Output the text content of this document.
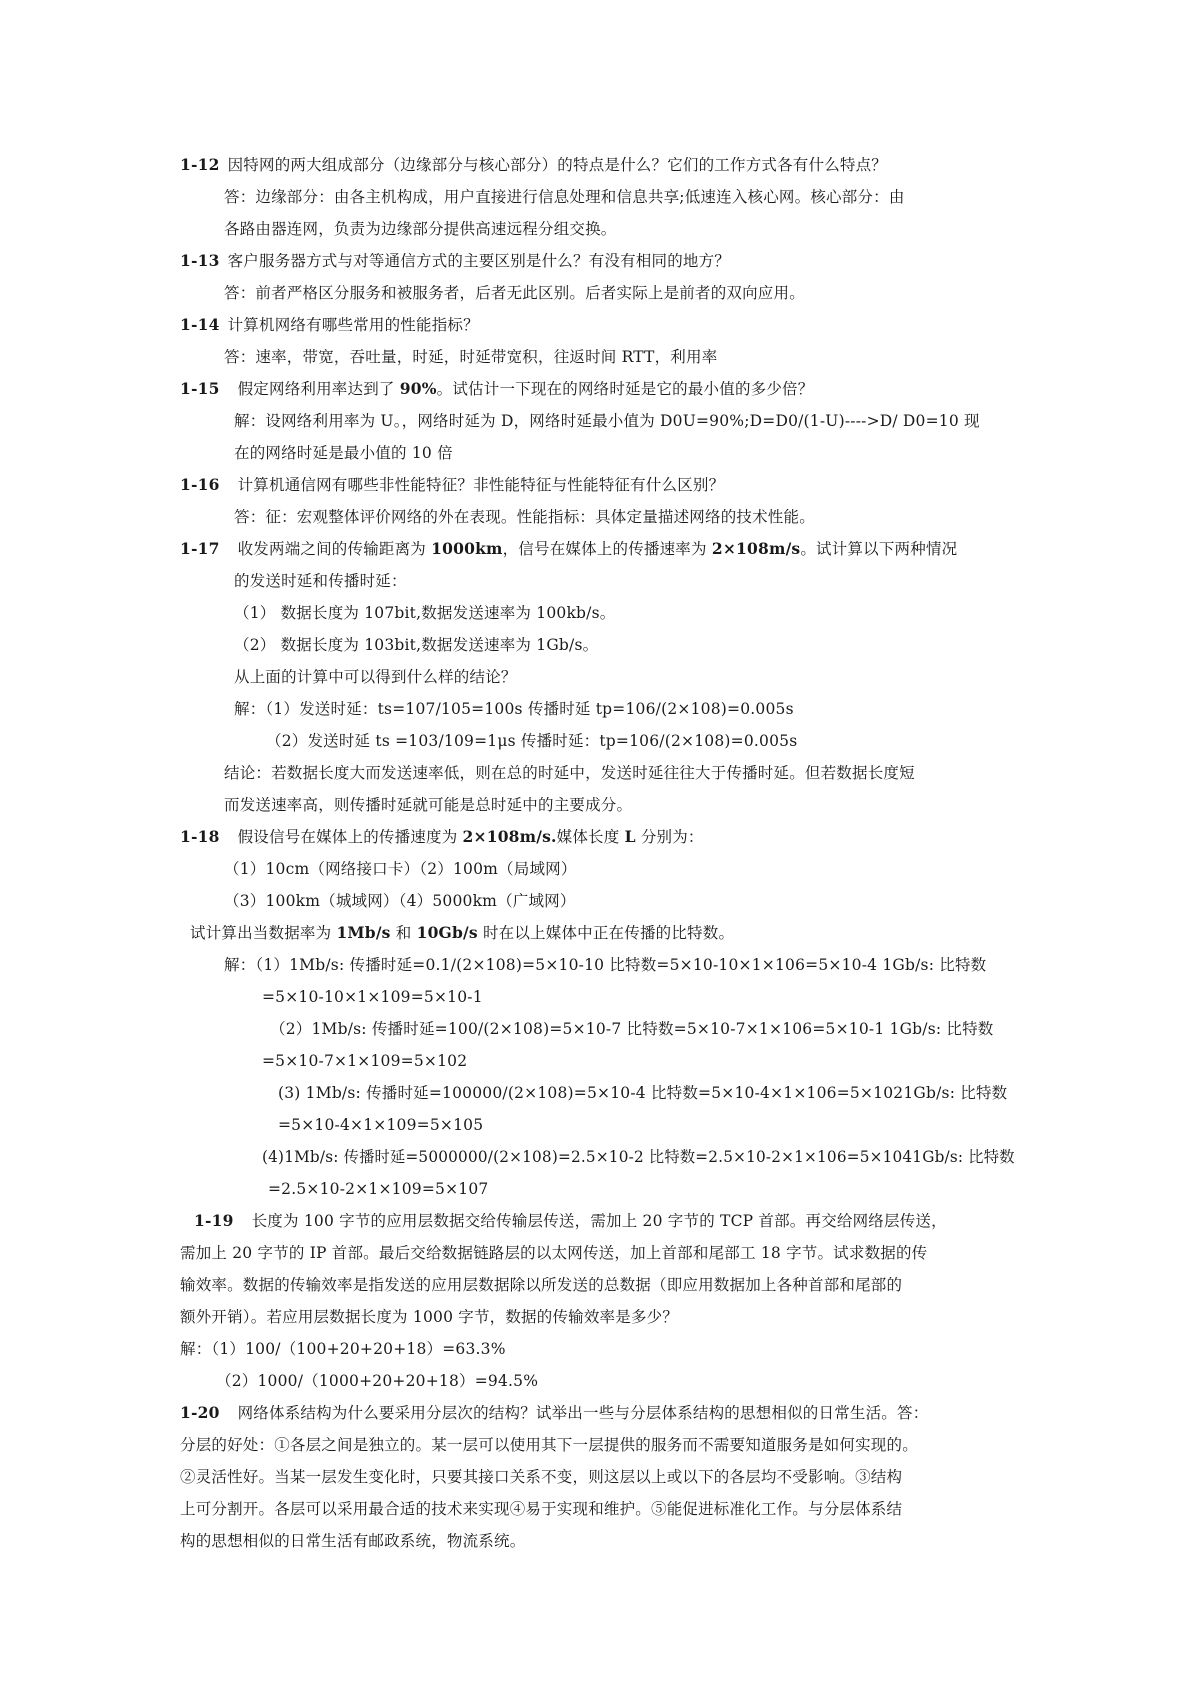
1-12 因特网的两大组成部分（边缘部分与核心部分）的特点是什么？它们的工作方式各有什么特点？
答：边缘部分：由各主机构成，用户直接进行信息处理和信息共享;低速连入核心网。核心部分：由
各路由器连网，负责为边缘部分提供高速远程分组交换。
1-13 客户服务器方式与对等通信方式的主要区别是什么？有没有相同的地方？
答：前者严格区分服务和被服务者，后者无此区别。后者实际上是前者的双向应用。
1-14 计算机网络有哪些常用的性能指标？
答：速率，带宽，吞吐量，时延，时延带宽积，往返时间 RTT，利用率
1-15 假定网络利用率达到了 90%。试估计一下现在的网络时延是它的最小值的多少倍？
解：设网络利用率为 U。，网络时延为 D，网络时延最小值为 D0U=90%;D=D0/(1-U)---->D/ D0=10 现
在的网络时延是最小值的 10 倍
1-16 计算机通信网有哪些非性能特征？非性能特征与性能特征有什么区别？
答：征：宏观整体评价网络的外在表现。性能指标：具体定量描述网络的技术性能。
1-17 收发两端之间的传输距离为 1000km，信号在媒体上的传播速率为 2×108m/s。试计算以下两种情况
的发送时延和传播时延：
（1） 数据长度为 107bit,数据发送速率为 100kb/s。
（2） 数据长度为 103bit,数据发送速率为 1Gb/s。
从上面的计算中可以得到什么样的结论？
解：（1）发送时延：ts=107/105=100s 传播时延 tp=106/(2×108)=0.005s
（2）发送时延 ts =103/109=1μs 传播时延：tp=106/(2×108)=0.005s
结论：若数据长度大而发送速率低，则在总的时延中，发送时延往往大于传播时延。但若数据长度短
而发送速率高，则传播时延就可能是总时延中的主要成分。
1-18 假设信号在媒体上的传播速度为 2×108m/s.媒体长度 L 分别为：
（1）10cm（网络接口卡）（2）100m（局域网）
（3）100km（城域网）（4）5000km（广域网）
试计算出当数据率为 1Mb/s 和 10Gb/s 时在以上媒体中正在传播的比特数。
解：（1）1Mb/s: 传播时延=0.1/(2×108)=5×10-10 比特数=5×10-10×1×106=5×10-4 1Gb/s: 比特数
=5×10-10×1×109=5×10-1
（2）1Mb/s: 传播时延=100/(2×108)=5×10-7 比特数=5×10-7×1×106=5×10-1 1Gb/s: 比特数
=5×10-7×1×109=5×102
(3) 1Mb/s: 传播时延=100000/(2×108)=5×10-4 比特数=5×10-4×1×106=5×1021Gb/s: 比特数
=5×10-4×1×109=5×105
(4)1Mb/s: 传播时延=5000000/(2×108)=2.5×10-2 比特数=2.5×10-2×1×106=5×1041Gb/s: 比特数
=2.5×10-2×1×109=5×107
1-19 长度为 100 字节的应用层数据交给传输层传送，需加上 20 字节的 TCP 首部。再交给网络层传送，
需加上 20 字节的 IP 首部。最后交给数据链路层的以太网传送，加上首部和尾部工 18 字节。试求数据的传
输效率。数据的传输效率是指发送的应用层数据除以所发送的总数据（即应用数据加上各种首部和尾部的
额外开销）。若应用层数据长度为 1000 字节，数据的传输效率是多少？
解：（1）100/（100+20+20+18）=63.3%
（2）1000/（1000+20+20+18）=94.5%
1-20 网络体系结构为什么要采用分层次的结构？试举出一些与分层体系结构的思想相似的日常生活。答：
分层的好处：①各层之间是独立的。某一层可以使用其下一层提供的服务而不需要知道服务是如何实现的。
②灵活性好。当某一层发生变化时，只要其接口关系不变，则这层以上或以下的各层均不受影响。③结构
上可分割开。各层可以采用最合适的技术来实现④易于实现和维护。⑤能促进标准化工作。与分层体系结
构的思想相似的日常生活有邮政系统，物流系统。
